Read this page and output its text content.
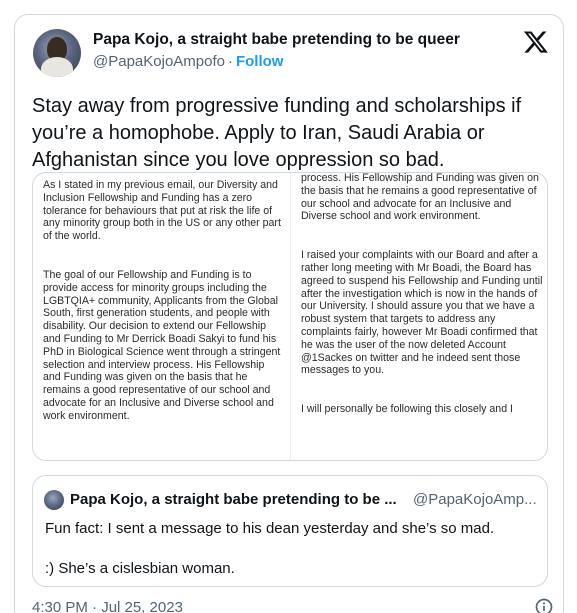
Papa Kojo, a straight babe pretending to be queer
@PapaKojoAmpofo · Follow
Stay away from progressive funding and scholarships if you’re a homophobe. Apply to Iran, Saudi Arabia or Afghanistan since you love oppression so bad.

As I stated in my previous email, our Diversity and Inclusion Fellowship and Funding has a zero tolerance for behaviours that put at risk the life of any minority group both in the US or any other part of the world.

The goal of our Fellowship and Funding is to provide access for minority groups including the LGBTQIA+ community, Applicants from the Global South, first generation students, and people with disability. Our decision to extend our Fellowship and Funding to Mr Derrick Boadi Sakyi to fund his PhD in Biological Science went through a stringent selection and interview process. His Fellowship and Funding was given on the basis that he remains a good representative of our school and advocate for an Inclusive and Diverse school and work environment.

process. His Fellowship and Funding was given on the basis that he remains a good representative of our school and advocate for an Inclusive and Diverse school and work environment.

I raised your complaints with our Board and after a rather long meeting with Mr Boadi, the Board has agreed to suspend his Fellowship and Funding until after the investigation which is now in the hands of our University. I should assure you that we have a robust system that targets to address any complaints fairly, however Mr Boadi confirmed that he was the user of the now deleted Account @1Sackes on twitter and he indeed sent those messages to you.

I will personally be following this closely and I

Papa Kojo, a straight babe pretending to be ... @PapaKojoAmp...
Fun fact: I sent a message to his dean yesterday and she’s so mad.
:) She’s a cislesbian woman.
4:30 PM · Jul 25, 2023
